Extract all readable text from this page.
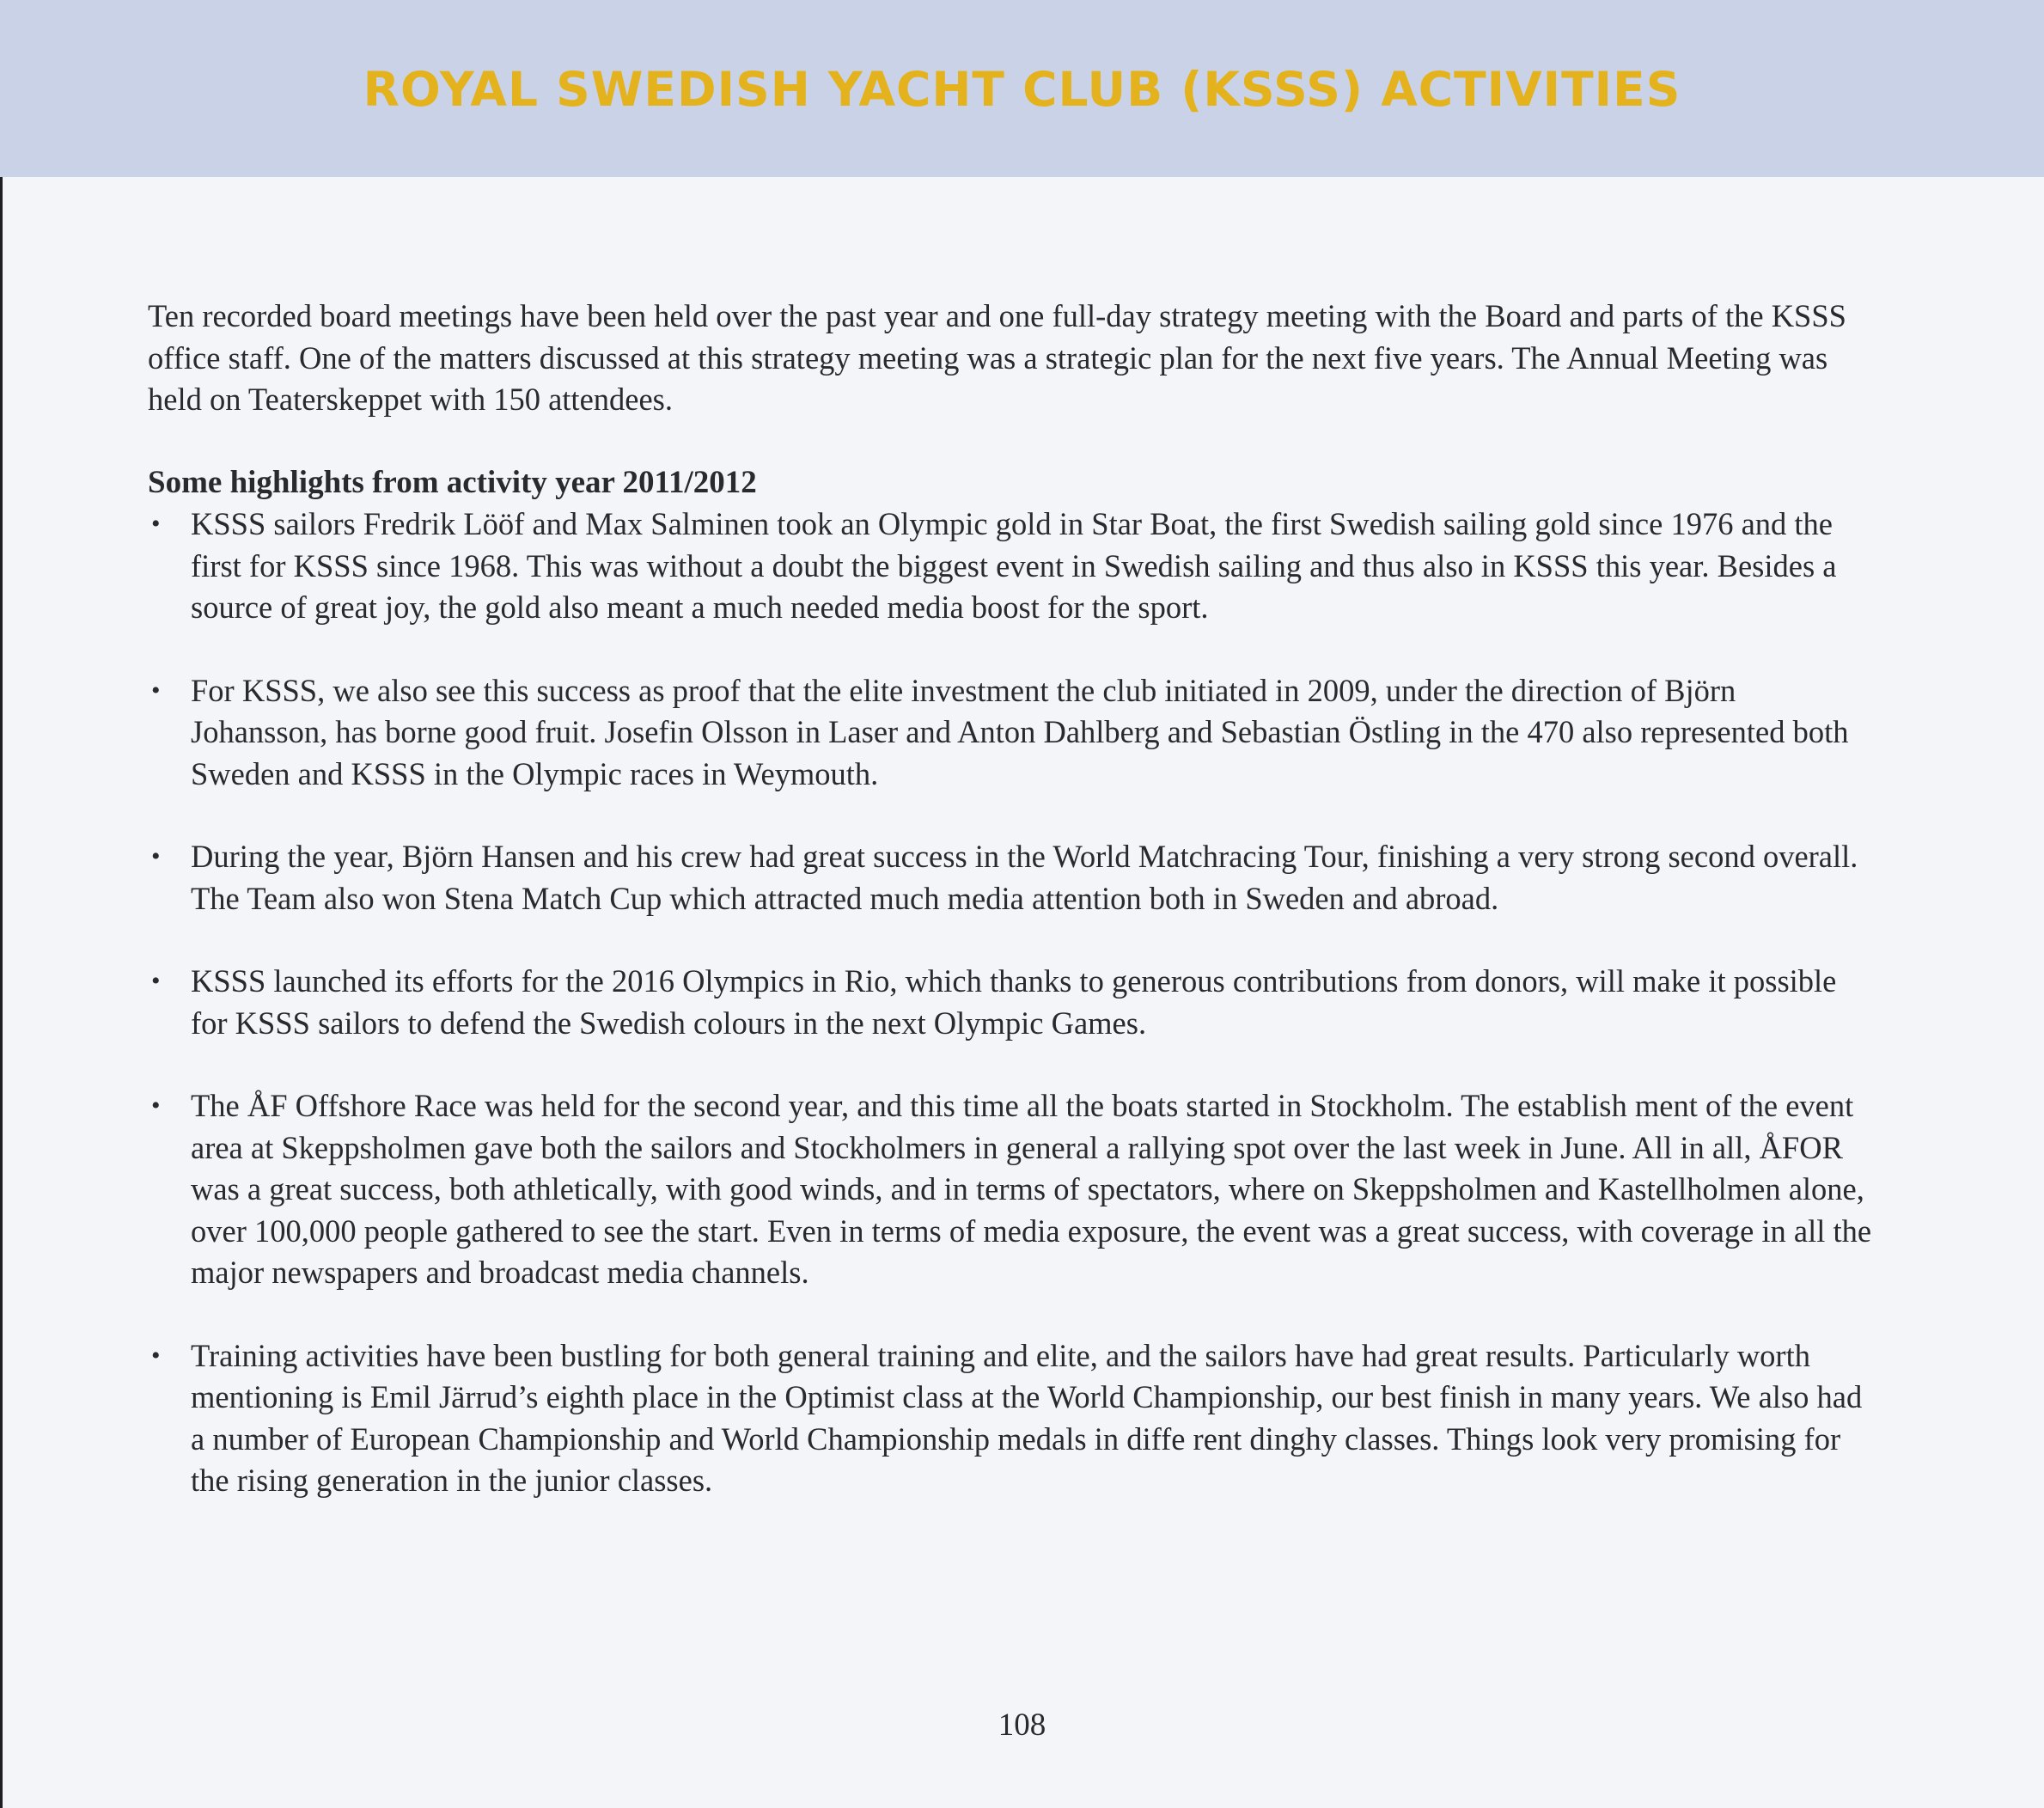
ROYAL SWEDISH YACHT CLUB (KSSS) ACTIVITIES

Ten recorded board meetings have been held over the past year and one full-day strategy meeting with the Board and parts of the KSSS office staff. One of the matters discussed at this strategy meeting was a strategic plan for the next five years. The Annual Meeting was held on Teaterskeppet with 150 attendees.

Some highlights from activity year 2011/2012
• KSSS sailors Fredrik Lööf and Max Salminen took an Olympic gold in Star Boat, the first Swedish sailing gold since 1976 and the first for KSSS since 1968. This was without a doubt the biggest event in Swedish sailing and thus also in KSSS this year. Besides a source of great joy, the gold also meant a much needed media boost for the sport.
• For KSSS, we also see this success as proof that the elite investment the club initiated in 2009, under the direction of Björn Johansson, has borne good fruit. Josefin Olsson in Laser and Anton Dahlberg and Sebastian Östling in the 470 also represented both Sweden and KSSS in the Olympic races in Weymouth.
• During the year, Björn Hansen and his crew had great success in the World Matchracing Tour, finishing a very strong second overall. The Team also won Stena Match Cup which attracted much media attention both in Sweden and abroad.
• KSSS launched its efforts for the 2016 Olympics in Rio, which thanks to generous contributions from donors, will make it possible for KSSS sailors to defend the Swedish colours in the next Olympic Games.
• The ÅF Offshore Race was held for the second year, and this time all the boats started in Stockholm. The establish ment of the event area at Skeppsholmen gave both the sailors and Stockholmers in general a rallying spot over the last week in June. All in all, ÅFOR was a great success, both athletically, with good winds, and in terms of spectators, where on Skeppsholmen and Kastellholmen alone, over 100,000 people gathered to see the start. Even in terms of media exposure, the event was a great success, with coverage in all the major newspapers and broadcast media channels.
• Training activities have been bustling for both general training and elite, and the sailors have had great results. Particularly worth mentioning is Emil Järrud’s eighth place in the Optimist class at the World Championship, our best finish in many years. We also had a number of European Championship and World Championship medals in diffe rent dinghy classes. Things look very promising for the rising generation in the junior classes.
108
